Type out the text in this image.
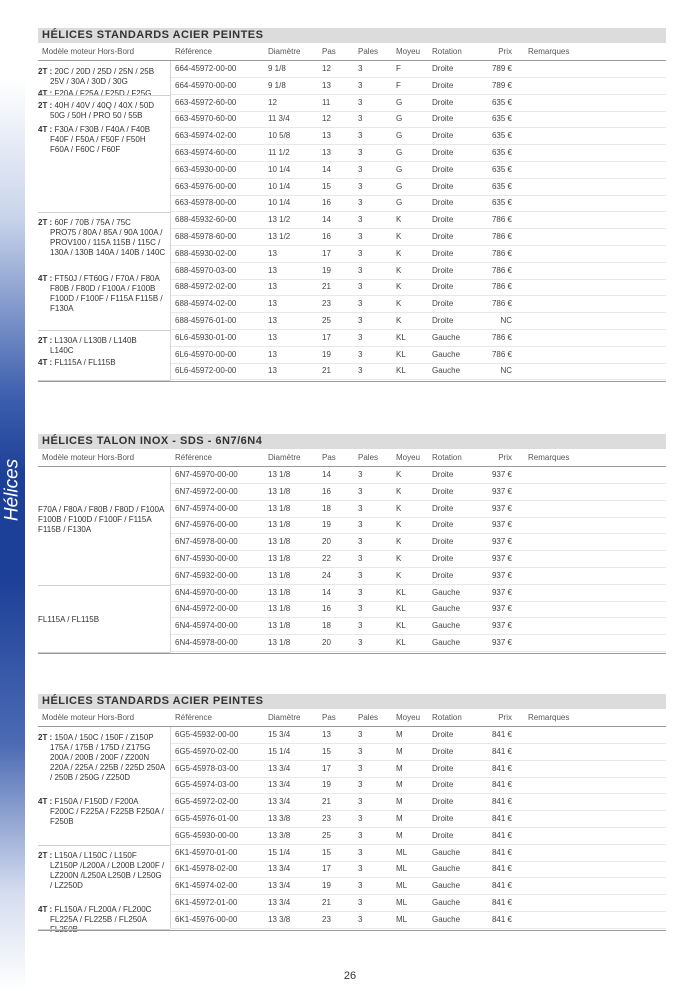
Hélices
HÉLICES STANDARDS ACIER PEINTES
Modèle moteur Hors-Bord	Référence	Diamètre	Pas	Pales Moyeu Rotation	Prix Remarques
2T : 20C / 20D / 25D / 25N / 25B
25V / 30A / 30D / 30G
4T : F20A / F25A / F25D / F25G
664-45972-00-00	9 1/8	12	3	F	Droite	789 €
664-45970-00-00	9 1/8	13	3	F	Droite	789 €
2T : 40H / 40V / 40Q / 40X / 50D
50G / 50H / PRO 50 / 55B
4T : F30A / F30B / F40A / F40B
F40F / F50A / F50F / F50H F60A / F60C / F60F
663-45972-60-00	12	11	3	G	Droite	635 €
663-45970-60-00	11 3/4	12	3	G	Droite	635 €
663-45974-02-00	10 5/8	13	3	G	Droite	635 €
663-45974-60-00	11 1/2	13	3	G	Droite	635 €
663-45930-00-00	10 1/4	14	3	G	Droite	635 €
663-45976-00-00	10 1/4	15	3	G	Droite	635 €
663-45978-00-00	10 1/4	16	3	G	Droite	635 €
2T : 60F / 70B / 75A / 75C
PRO75 / 80A / 85A / 90A 100A / PROV100 / 115A 115B / 115C / 130A / 130B 140A / 140B / 140C
4T : FT50J / FT60G / F70A / F80A
F80B / F80D / F100A / F100B F100D / F100F / F115A F115B / F130A
688-45932-60-00	13 1/2	14	3	K	Droite	786 €
688-45978-60-00	13 1/2	16	3	K	Droite	786 €
688-45930-02-00	13	17	3	K	Droite	786 €
688-45970-03-00	13	19	3	K	Droite	786 €
688-45972-02-00	13	21	3	K	Droite	786 €
688-45974-02-00	13	23	3	K	Droite	786 €
688-45976-01-00	13	25	3	K	Droite	NC
2T : L130A / L130B / L140B
L140C
4T : FL115A / FL115B
6L6-45930-01-00	13	17	3	KL	Gauche	786 €
6L6-45970-00-00	13	19	3	KL	Gauche	786 €
6L6-45972-00-00	13	21	3	KL	Gauche	NC
HÉLICES TALON INOX - SDS - 6N7/6N4
Modèle moteur Hors-Bord	Référence	Diamètre	Pas	Pales Moyeu Rotation	Prix Remarques
F70A / F80A / F80B / F80D / F100A F100B / F100D / F100F / F115A F115B / F130A
6N7-45970-00-00	13 1/8	14	3	K	Droite	937 €
6N7-45972-00-00	13 1/8	16	3	K	Droite	937 €
6N7-45974-00-00	13 1/8	18	3	K	Droite	937 €
6N7-45976-00-00	13 1/8	19	3	K	Droite	937 €
6N7-45978-00-00	13 1/8	20	3	K	Droite	937 €
6N7-45930-00-00	13 1/8	22	3	K	Droite	937 €
6N7-45932-00-00	13 1/8	24	3	K	Droite	937 €
FL115A / FL115B
6N4-45970-00-00	13 1/8	14	3	KL	Gauche	937 €
6N4-45972-00-00	13 1/8	16	3	KL	Gauche	937 €
6N4-45974-00-00	13 1/8	18	3	KL	Gauche	937 €
6N4-45978-00-00	13 1/8	20	3	KL	Gauche	937 €
HÉLICES STANDARDS ACIER PEINTES
Modèle moteur Hors-Bord	Référence	Diamètre	Pas	Pales Moyeu Rotation	Prix Remarques
2T : 150A / 150C / 150F / Z150P
175A / 175B / 175D / Z175G 200A / 200B / 200F / Z200N 220A / 225A / 225B / 225D 250A / 250B / 250G / Z250D
4T : F150A / F150D / F200A
F200C / F225A / F225B F250A / F250B
6G5-45932-00-00	15 3/4	13	3	M	Droite	841 €
6G5-45970-02-00	15 1/4	15	3	M	Droite	841 €
6G5-45978-03-00	13 3/4	17	3	M	Droite	841 €
6G5-45974-03-00	13 3/4	19	3	M	Droite	841 €
6G5-45972-02-00	13 3/4	21	3	M	Droite	841 €
6G5-45976-01-00	13 3/8	23	3	M	Droite	841 €
6G5-45930-00-00	13 3/8	25	3	M	Droite	841 €
2T : L150A / L150C / L150F
LZ150P /L200A / L200B L200F / LZ200N /L250A L250B / L250G / LZ250D
4T : FL150A / FL200A / FL200C
FL225A / FL225B / FL250A FL250B
6K1-45970-01-00	15 1/4	15	3	ML	Gauche	841 €
6K1-45978-02-00	13 3/4	17	3	ML	Gauche	841 €
6K1-45974-02-00	13 3/4	19	3	ML	Gauche	841 €
6K1-45972-01-00	13 3/4	21	3	ML	Gauche	841 €
6K1-45976-00-00	13 3/8	23	3	ML	Gauche	841 €
26
